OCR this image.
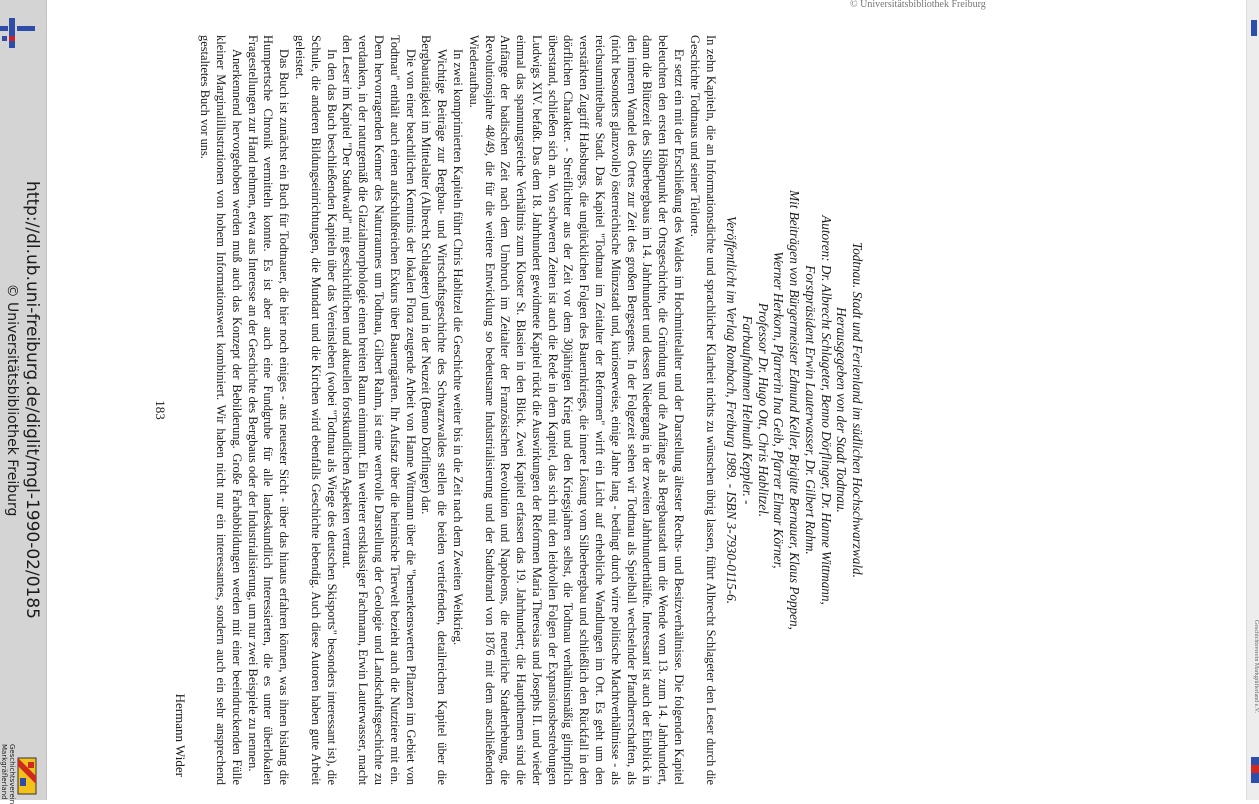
http://dl.ub.uni-freiburg.de/diglit/mgl-1990-02/0185
© Universitätsbibliothek Freiburg
Geschichtsverein Markgräflerland
© Universitätsbibliothek Freiburg
Geschichtsverein Markgräflerland e.V.

Todtnau. Stadt und Ferienland im südlichen Hochschwarzwald.

Herausgegeben von der Stadt Todtnau.

Autoren: Dr. Albrecht Schlageter, Benno Dörflinger, Dr. Hanne Wittmann,

Forstpräsident Erwin Lauterwasser, Dr. Gilbert Rahm.

Mit Beiträgen von Bürgermeister Edmund Keller, Brigitte Bernauer, Klaus Poppen,

Werner Herkorn, Pfarrerin Ina Geib, Pfarrer Elmar Körner,

Professor Dr. Hugo Ott, Chris Hablitzel.

Farbaufnahmen Helmuth Keppler. -

Veröffentlicht im Verlag Rombach, Freiburg 1989. - ISBN 3-7930-0115-6.

In zehn Kapiteln, die an Informationsdichte und sprachlicher Klarheit nichts zu wünschen übrig lassen, führt Albrecht Schlageter den Leser durch die Geschichte Todtnaus und seiner Teilorte.

Er setzt ein mit der Erschließung des Waldes im Hochmittelalter und der Darstellung ältester Rechts- und Besitzverhältnisse. Die folgenden Kapitel beleuchten den ersten Höhepunkt der Ortsgeschichte, die Gründung und die Anfänge als Bergbaustadt um die Wende vom 13. zum 14. Jahrhundert, dann die Blütezeit des Silberbergbaus im 14. Jahrhundert und dessen Niedergang in der zweiten Jahrhunderthälfte. Interessant ist auch der Einblick in den inneren Wandel des Ortes zur Zeit des großen Bergsegens. In der Folgezeit sehen wir Todtnau als Spielball wechselnder Pfandherrschaften, als (nicht besonders glanzvolle) österreichische Münzstadt und, kurioserweise, einige Jahre lang - bedingt durch wirre politische Machtverhältnisse - als reichsunmittelbare Stadt. Das Kapitel "Todtnau im Zeitalter der Reformen" wirft ein Licht auf erhebliche Wandlungen im Ort. Es geht um den verstärkten Zugriff Habsburgs, die unglücklichen Folgen des Bauernkriegs, die innere Lösung vom Silberbergbau und schließlich den Rückfall in den dörflichen Charakter. - Streiflichter aus der Zeit vor dem 30jährigen Krieg und den Kriegsjahren selbst, die Todtnau verhältnismäßig glimpflich überstand, schließen sich an. Von schweren Zeiten ist auch die Rede in dem Kapitel, das sich mit den leidvollen Folgen der Expansionsbestrebungen Ludwigs XIV. befaßt. Das dem 18. Jahrhundert gewidmete Kapitel rückt die Auswirkungen der Reformen Maria Theresias und Josephs II. und wieder einmal das spannungsreiche Verhältnis zum Kloster St. Blasien in den Blick. Zwei Kapitel erfassen das 19. Jahrhundert; die Hauptthemen sind die Anfänge der badischen Zeit nach dem Umbruch im Zeitalter der Französischen Revolution und Napoleons, die neuerliche Stadterhebung, die Revolutionsjahre 48/49, die für die weitere Entwicklung so bedeutsame Industrialisierung und der Stadtbrand von 1876 mit dem anschließenden Wiederaufbau.

In zwei komprimierten Kapiteln führt Chris Hablitzel die Geschichte weiter bis in die Zeit nach dem Zweiten Weltkrieg.

Wichtige Beiträge zur Bergbau- und Wirtschaftsgeschichte des Schwarzwaldes stellen die beiden vertiefenden, detailreichen Kapitel über die Bergbautätigkeit im Mittelalter (Albrecht Schlageter) und in der Neuzeit (Benno Dörflinger) dar.

Die von einer beachtlichen Kenntnis der lokalen Flora zeugende Arbeit von Hanne Wittmann über die "bemerkenswerten Pflanzen im Gebiet von Todtnau" enthält auch einen aufschlußreichen Exkurs über Bauerngärten. Ihr Aufsatz über die heimische Tierwelt bezieht auch die Nutztiere mit ein. Dem hervorragenden Kenner des Naturraumes um Todtnau, Gilbert Rahm, ist eine wertvolle Darstellung der Geologie und Landschaftsgeschichte zu verdanken, in der naturgemäß die Glazialmorphologie einen breiten Raum einnimmt. Ein weiterer erstklassiger Fachmann, Erwin Lauterwasser, macht den Leser im Kapitel "Der Stadtwald" mit geschichtlichen und aktuellen forstkundlichen Aspekten vertraut.

In den das Buch beschließenden Kapiteln über das Vereinsleben (wobei "Todtnau als Wiege des deutschen Skisports" besonders interessant ist), die Schule, die anderen Bildungseinrichtungen, die Mundart und die Kirchen wird ebenfalls Geschichte lebendig. Auch diese Autoren haben gute Arbeit geleistet.

Das Buch ist zunächst ein Buch für Todtnauer, die hier noch einiges - aus neuester Sicht - über das hinaus erfahren können, was ihnen bislang die Humpertsche Chronik vermitteln konnte. Es ist aber auch eine Fundgrube für alle landeskundlich Interessierten, die es unter überlokalen Fragestellungen zur Hand nehmen, etwa aus Interesse an der Geschichte des Bergbaus oder der Industrialisierung, um nur zwei Beispiele zu nennen.

Anerkennend hervorgehoben werden muß auch das Konzept der Bebilderung. Große Farbabbildungen werden mit einer beeindruckenden Fülle kleiner Marginalillustrationen von hohem Informationswert kombiniert. Wir haben nicht nur ein interessantes, sondern auch ein sehr ansprechend gestaltetes Buch vor uns.

Hermann Wider
183
